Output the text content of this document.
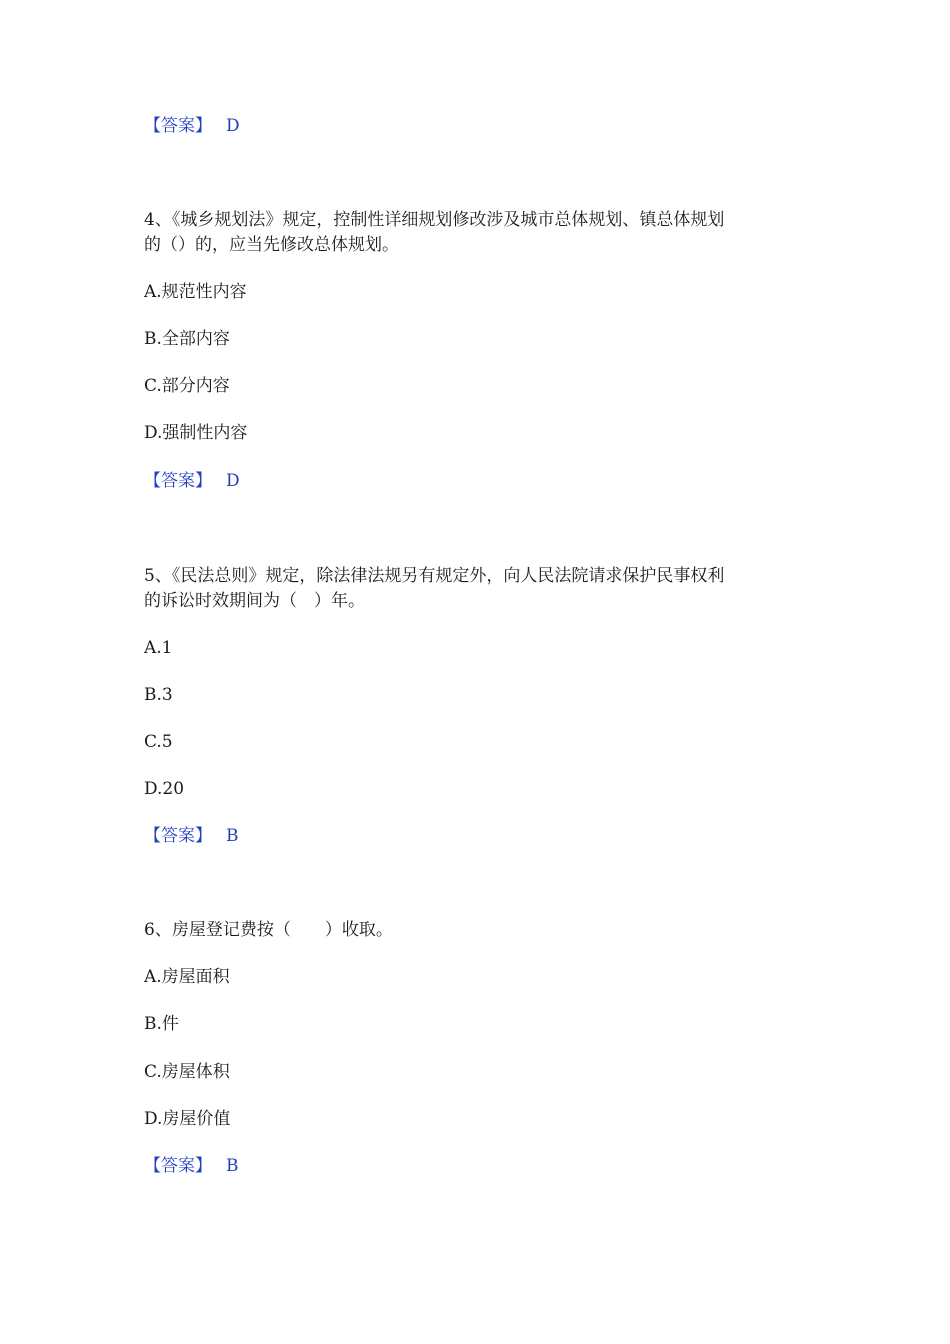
【答案】 D
4、《城乡规划法》规定，控制性详细规划修改涉及城市总体规划、镇总体规划
的（）的，应当先修改总体规划。
A.规范性内容
B.全部内容
C.部分内容
D.强制性内容
【答案】 D
5、《民法总则》规定，除法律法规另有规定外，向人民法院请求保护民事权利
的诉讼时效期间为（　）年。
A.1
B.3
C.5
D.20
【答案】 B
6、房屋登记费按（　　）收取。
A.房屋面积
B.件
C.房屋体积
D.房屋价值
【答案】 B
